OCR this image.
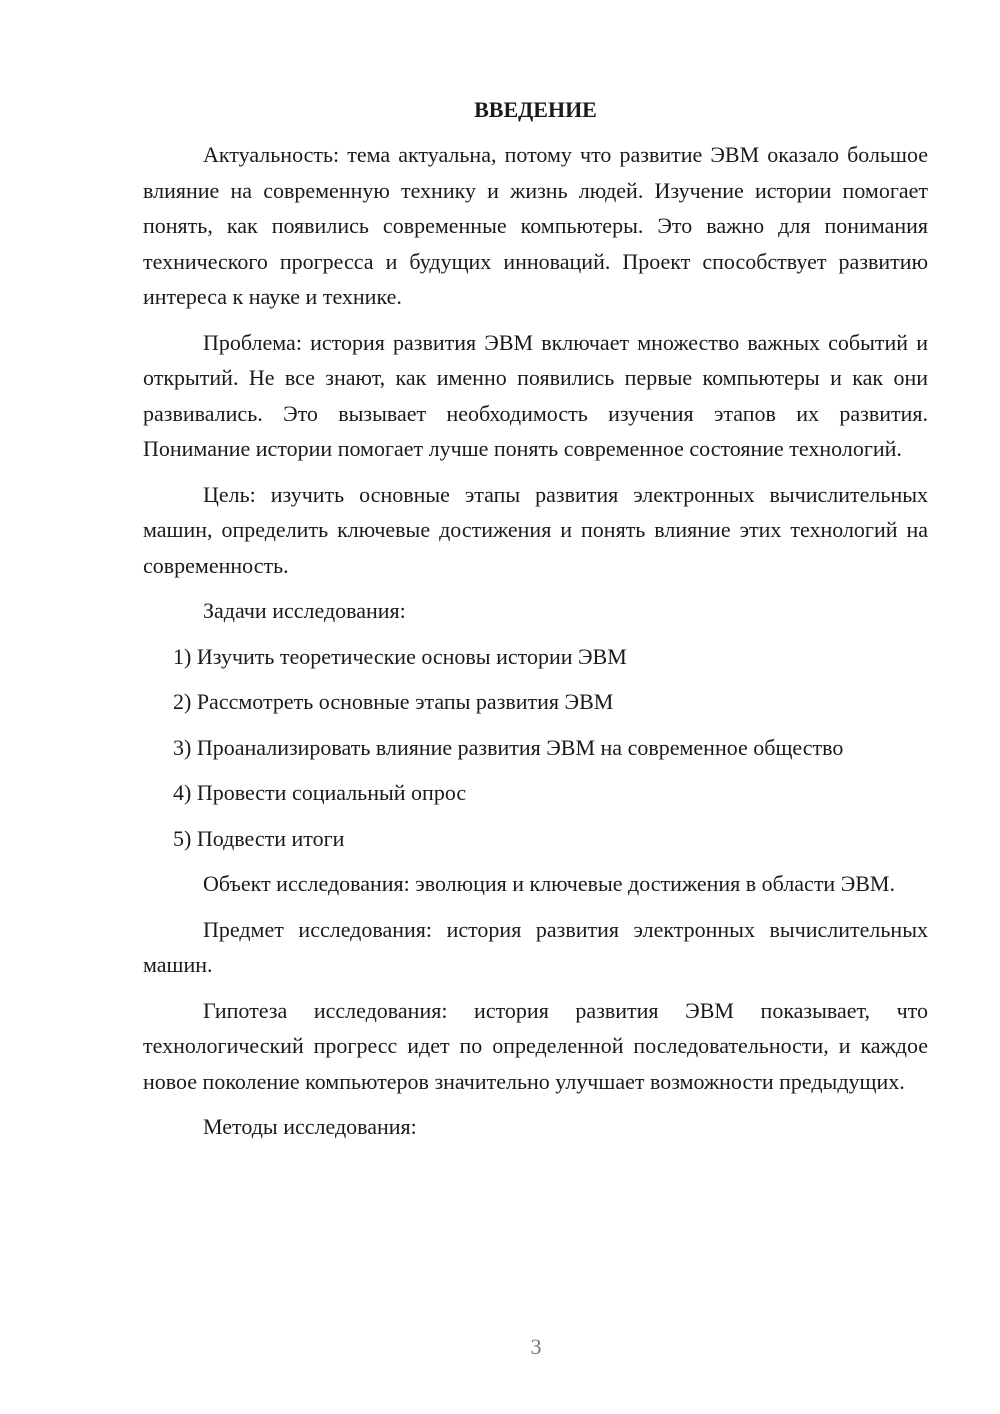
ВВЕДЕНИЕ

Актуальность: тема актуальна, потому что развитие ЭВМ оказало большое влияние на современную технику и жизнь людей. Изучение истории помогает понять, как появились современные компьютеры. Это важно для понимания технического прогресса и будущих инноваций. Проект способствует развитию интереса к науке и технике.

Проблема: история развития ЭВМ включает множество важных событий и открытий. Не все знают, как именно появились первые компьютеры и как они развивались. Это вызывает необходимость изучения этапов их развития. Понимание истории помогает лучше понять современное состояние технологий.

Цель: изучить основные этапы развития электронных вычислительных машин, определить ключевые достижения и понять влияние этих технологий на современность.

Задачи исследования:

1) Изучить теоретические основы истории ЭВМ

2) Рассмотреть основные этапы развития ЭВМ

3) Проанализировать влияние развития ЭВМ на современное общество

4) Провести социальный опрос

5) Подвести итоги

Объект исследования: эволюция и ключевые достижения в области ЭВМ.

Предмет исследования: история развития электронных вычислительных машин.

Гипотеза исследования: история развития ЭВМ показывает, что технологический прогресс идет по определенной последовательности, и каждое новое поколение компьютеров значительно улучшает возможности предыдущих.

Методы исследования:

3
